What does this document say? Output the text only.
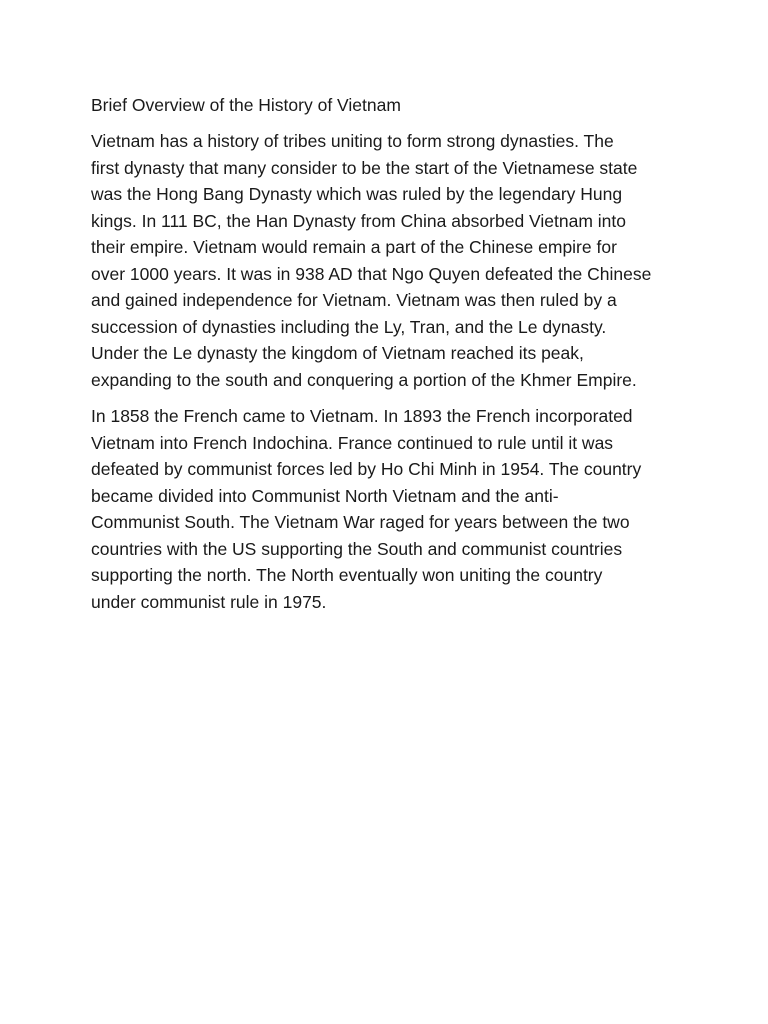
Brief Overview of the History of Vietnam
Vietnam has a history of tribes uniting to form strong dynasties. The
first dynasty that many consider to be the start of the Vietnamese state
was the Hong Bang Dynasty which was ruled by the legendary Hung
kings. In 111 BC, the Han Dynasty from China absorbed Vietnam into
their empire. Vietnam would remain a part of the Chinese empire for
over 1000 years. It was in 938 AD that Ngo Quyen defeated the Chinese
and gained independence for Vietnam. Vietnam was then ruled by a
succession of dynasties including the Ly, Tran, and the Le dynasty.
Under the Le dynasty the kingdom of Vietnam reached its peak,
expanding to the south and conquering a portion of the Khmer Empire.
In 1858 the French came to Vietnam. In 1893 the French incorporated
Vietnam into French Indochina. France continued to rule until it was
defeated by communist forces led by Ho Chi Minh in 1954. The country
became divided into Communist North Vietnam and the anti-
Communist South. The Vietnam War raged for years between the two
countries with the US supporting the South and communist countries
supporting the north. The North eventually won uniting the country
under communist rule in 1975.
